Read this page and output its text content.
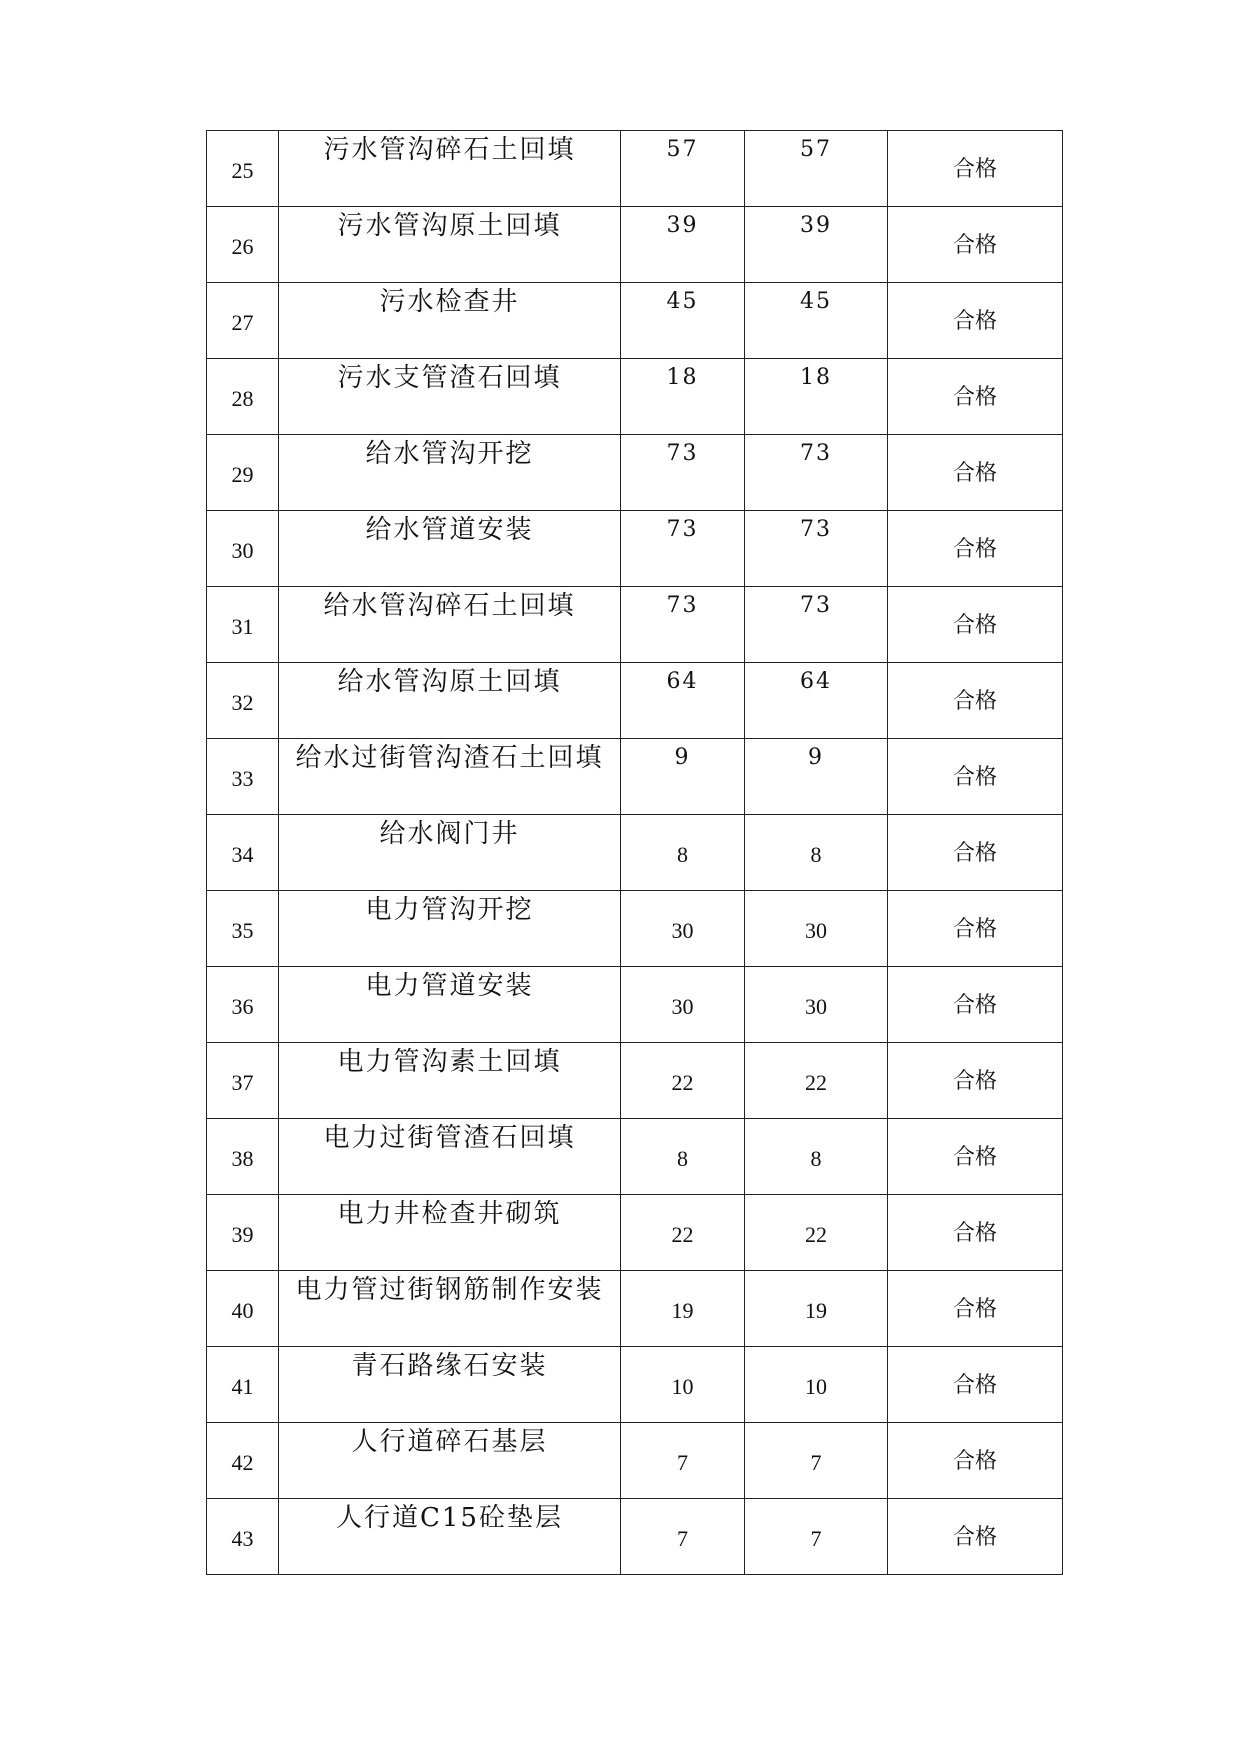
25	污水管沟碎石土回填	57	57	合格

26	污水管沟原土回填	39	39	合格

27	污水检查井	45	45	合格

28	污水支管渣石回填	18	18	合格

29	给水管沟开挖	73	73	合格

30	给水管道安装	73	73	合格

31	给水管沟碎石土回填	73	73	合格

32	给水管沟原土回填	64	64	合格

33	给水过街管沟渣石土回填	9	9	合格

34	给水阀门井	8	8	合格

35	电力管沟开挖	30	30	合格

36	电力管道安装	30	30	合格

37	电力管沟素土回填	22	22	合格

38	电力过街管渣石回填	8	8	合格

39	电力井检查井砌筑	22	22	合格

40	电力管过街钢筋制作安装	19	19	合格

41	青石路缘石安装	10	10	合格

42	人行道碎石基层	7	7	合格

43	人行道C15砼垫层	7	7	合格
